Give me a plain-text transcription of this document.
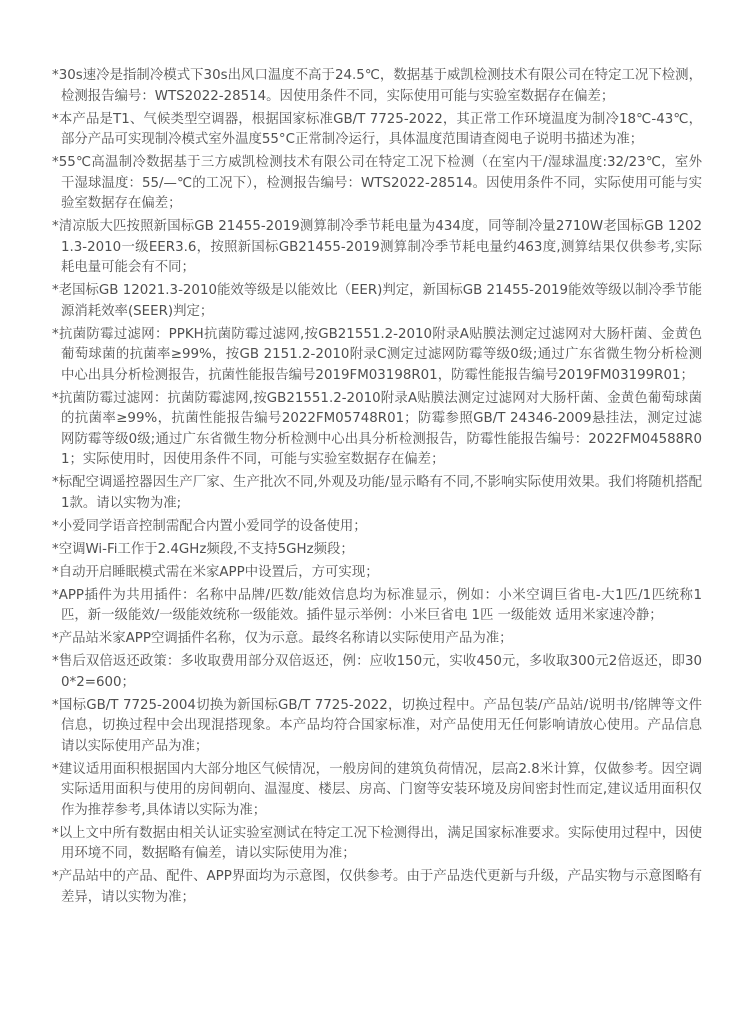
*30s速冷是指制冷模式下30s出风口温度不高于24.5℃，数据基于威凯检测技术有限公司在特定工况下检测，检测报告编号：WTS2022-28514。因使用条件不同，实际使用可能与实验室数据存在偏差；

*本产品是T1、气候类型空调器，根据国家标准GB/T 7725-2022，其正常工作环境温度为制冷18℃-43℃，部分产品可实现制冷模式室外温度55°C正常制冷运行，具体温度范围请查阅电子说明书描述为准；

*55℃高温制冷数据基于三方威凯检测技术有限公司在特定工况下检测（在室内干/湿球温度:32/23℃，室外干湿球温度：55/—℃的工况下），检测报告编号：WTS2022-28514。因使用条件不同，实际使用可能与实验室数据存在偏差；

*清凉版大匹按照新国标GB 21455-2019测算制冷季节耗电量为434度，同等制冷量2710W老国标GB 12021.3-2010一级EER3.6，按照新国标GB21455-2019测算制冷季节耗电量约463度,测算结果仅供参考,实际耗电量可能会有不同；

*老国标GB 12021.3-2010能效等级是以能效比（EER)判定，新国标GB 21455-2019能效等级以制冷季节能源消耗效率(SEER)判定；

*抗菌防霉过滤网：PPKH抗菌防霉过滤网,按GB21551.2-2010附录A贴膜法测定过滤网对大肠杆菌、金黄色葡萄球菌的抗菌率≥99%，按GB 2151.2-2010附录C测定过滤网防霉等级0级;通过广东省微生物分析检测中心出具分析检测报告，抗菌性能报告编号2019FM03198R01，防霉性能报告编号2019FM03199R01；

*抗菌防霉过滤网：抗菌防霉滤网,按GB21551.2-2010附录A贴膜法测定过滤网对大肠杆菌、金黄色葡萄球菌的抗菌率≥99%，抗菌性能报告编号2022FM05748R01；防霉参照GB/T 24346-2009悬挂法，测定过滤网防霉等级0级;通过广东省微生物分析检测中心出具分析检测报告，防霉性能报告编号：2022FM04588R01；实际使用时，因使用条件不同，可能与实验室数据存在偏差；

*标配空调遥控器因生产厂家、生产批次不同,外观及功能/显示略有不同,不影响实际使用效果。我们将随机搭配1款。请以实物为准;

*小爱同学语音控制需配合内置小爱同学的设备使用；

*空调Wi-Fi工作于2.4GHz频段,不支持5GHz频段；

*自动开启睡眠模式需在米家APP中设置后，方可实现；

*APP插件为共用插件：名称中品牌/匹数/能效信息均为标准显示，例如：小米空调巨省电-大1匹/1匹统称1匹，新一级能效/一级能效统称一级能效。插件显示举例：小米巨省电 1匹 一级能效 适用米家速冷静；

*产品站米家APP空调插件名称，仅为示意。最终名称请以实际使用产品为准；

*售后双倍返还政策：多收取费用部分双倍返还，例：应收150元，实收450元，多收取300元2倍返还，即300*2=600；

*国标GB/T 7725-2004切换为新国标GB/T 7725-2022，切换过程中。产品包装/产品站/说明书/铭牌等文件信息，切换过程中会出现混搭现象。本产品均符合国家标准，对产品使用无任何影响请放心使用。产品信息请以实际使用产品为准；

*建议适用面积根据国内大部分地区气候情况，一般房间的建筑负荷情况，层高2.8米计算，仅做参考。因空调实际适用面积与使用的房间朝向、温湿度、楼层、房高、门窗等安装环境及房间密封性而定,建议适用面积仅作为推荐参考,具体请以实际为准；

*以上文中所有数据由相关认证实验室测试在特定工况下检测得出，满足国家标准要求。实际使用过程中，因使用环境不同，数据略有偏差，请以实际使用为准；

*产品站中的产品、配件、APP界面均为示意图，仅供参考。由于产品迭代更新与升级，产品实物与示意图略有差异，请以实物为准；
